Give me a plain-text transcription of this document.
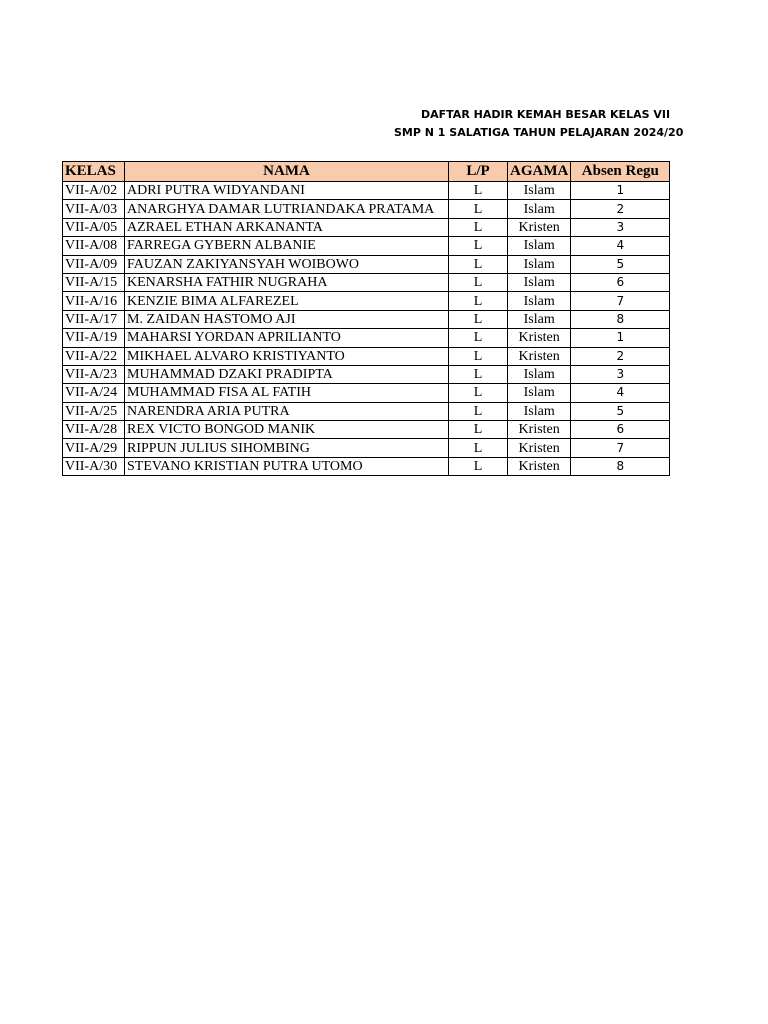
DAFTAR HADIR KEMAH BESAR KELAS VII
SMP N 1 SALATIGA TAHUN PELAJARAN 2024/20
KELAS	NAMA	L/P	AGAMA	Absen Regu
VII-A/02	ADRI PUTRA WIDYANDANI	L	Islam	1
VII-A/03	ANARGHYA DAMAR LUTRIANDAKA PRATAMA	L	Islam	2
VII-A/05	AZRAEL ETHAN ARKANANTA	L	Kristen	3
VII-A/08	FARREGA GYBERN ALBANIE	L	Islam	4
VII-A/09	FAUZAN ZAKIYANSYAH WOIBOWO	L	Islam	5
VII-A/15	KENARSHA FATHIR NUGRAHA	L	Islam	6
VII-A/16	KENZIE BIMA ALFAREZEL	L	Islam	7
VII-A/17	M. ZAIDAN HASTOMO AJI	L	Islam	8
VII-A/19	MAHARSI YORDAN APRILIANTO	L	Kristen	1
VII-A/22	MIKHAEL ALVARO KRISTIYANTO	L	Kristen	2
VII-A/23	MUHAMMAD DZAKI PRADIPTA	L	Islam	3
VII-A/24	MUHAMMAD FISA AL FATIH	L	Islam	4
VII-A/25	NARENDRA ARIA PUTRA	L	Islam	5
VII-A/28	REX VICTO BONGOD MANIK	L	Kristen	6
VII-A/29	RIPPUN JULIUS SIHOMBING	L	Kristen	7
VII-A/30	STEVANO KRISTIAN PUTRA UTOMO	L	Kristen	8
